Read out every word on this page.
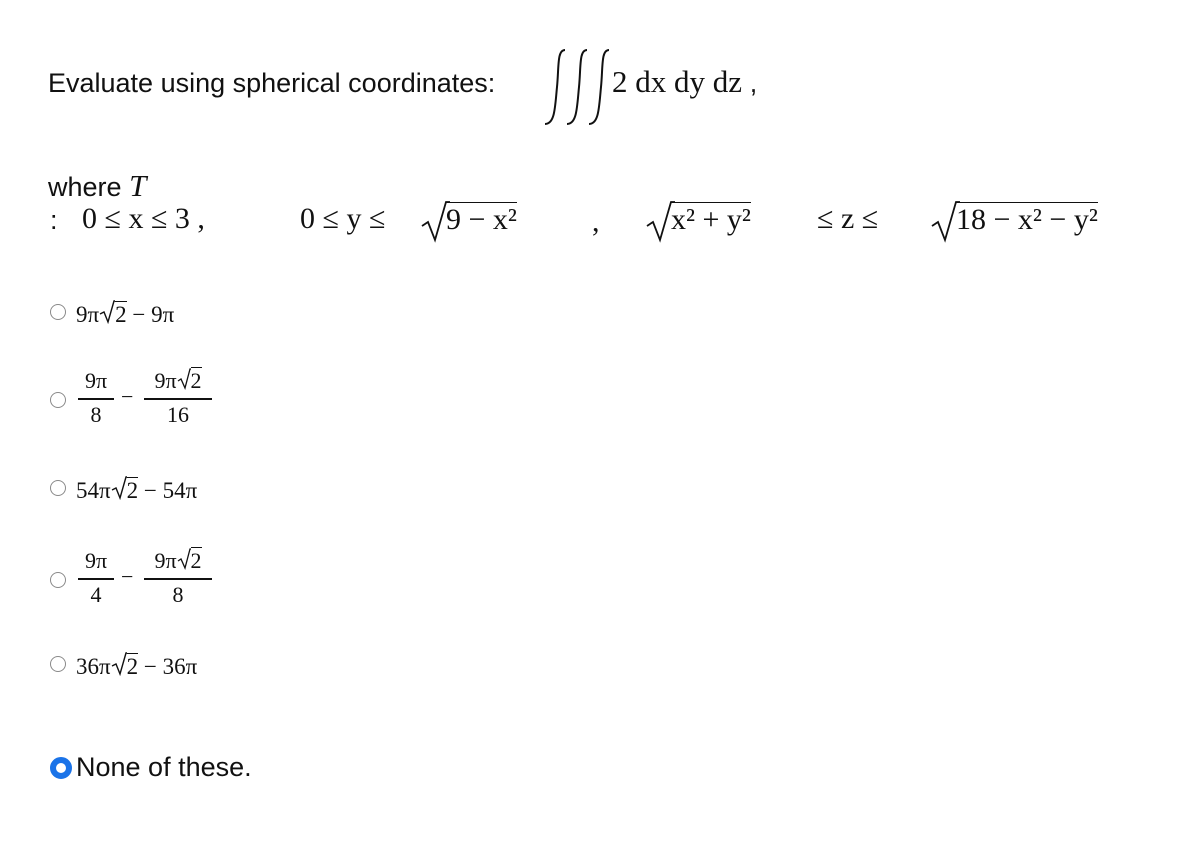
Evaluate using spherical coordinates:	2 dx dy dz ,
where T
: 0 ≤ x ≤ 3 ,	0 ≤ y ≤ 9 − x²	, x² + y² ≤ z ≤	18 − x² − y²
9π 2 − 9π
9π
8
−
9π 2
16
54π 2 − 54π
9π
4
−
9π 2
8
36π 2 − 36π
None of these.
